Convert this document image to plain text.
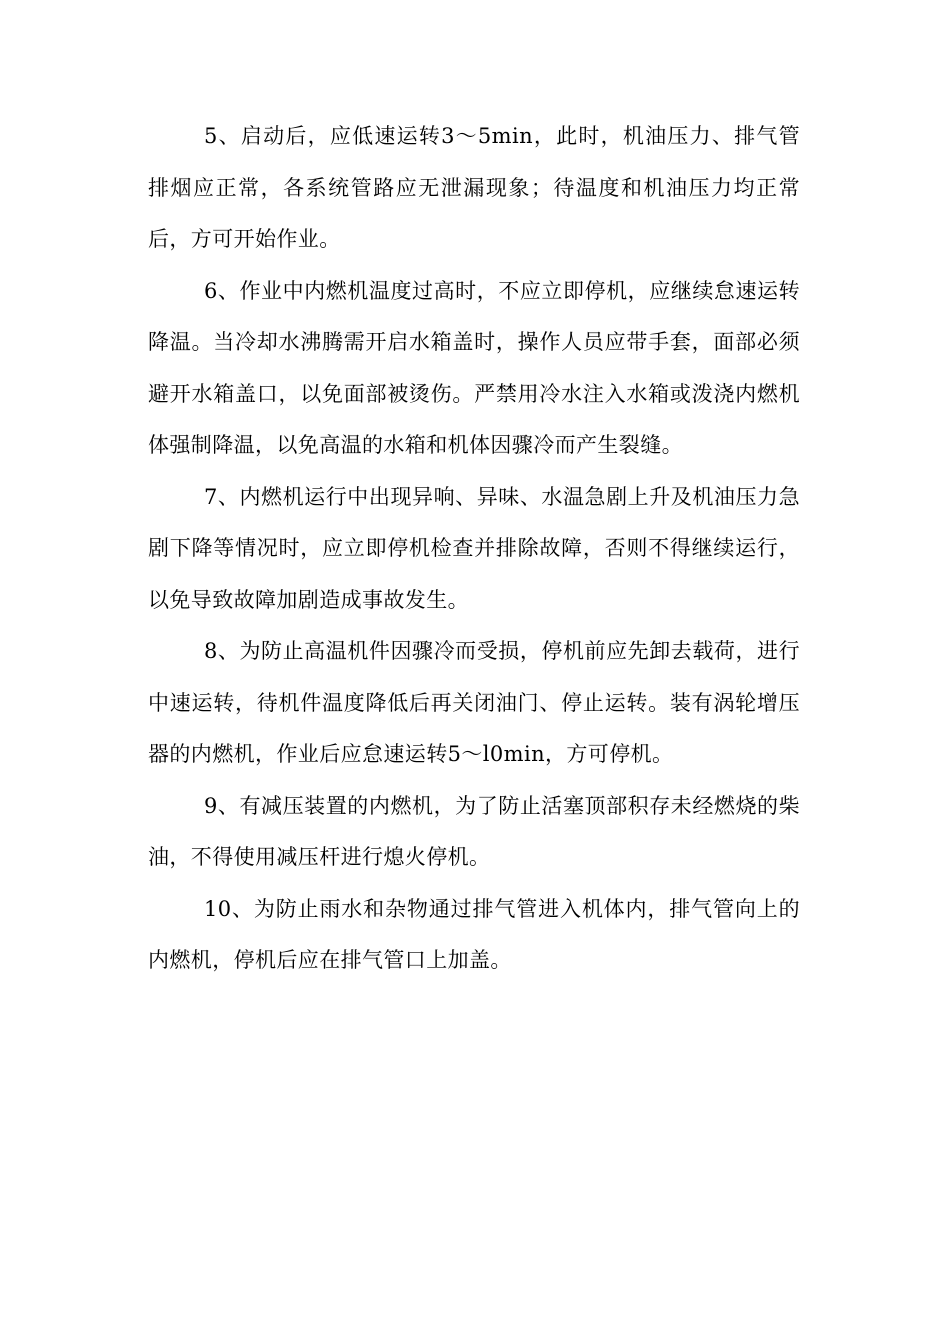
5、启动后，应低速运转3～5min，此时，机油压力、排气管排烟应正常，各系统管路应无泄漏现象；待温度和机油压力均正常后，方可开始作业。

6、作业中内燃机温度过高时，不应立即停机，应继续怠速运转降温。当冷却水沸腾需开启水箱盖时，操作人员应带手套，面部必须避开水箱盖口，以免面部被烫伤。严禁用冷水注入水箱或泼浇内燃机体强制降温，以免高温的水箱和机体因骤冷而产生裂缝。

7、内燃机运行中出现异响、异味、水温急剧上升及机油压力急剧下降等情况时，应立即停机检查并排除故障，否则不得继续运行，以免导致故障加剧造成事故发生。

8、为防止高温机件因骤冷而受损，停机前应先卸去载荷，进行中速运转，待机件温度降低后再关闭油门、停止运转。装有涡轮增压器的内燃机，作业后应怠速运转5～l0min，方可停机。

9、有减压装置的内燃机，为了防止活塞顶部积存未经燃烧的柴油，不得使用减压杆进行熄火停机。

10、为防止雨水和杂物通过排气管进入机体内，排气管向上的内燃机，停机后应在排气管口上加盖。
